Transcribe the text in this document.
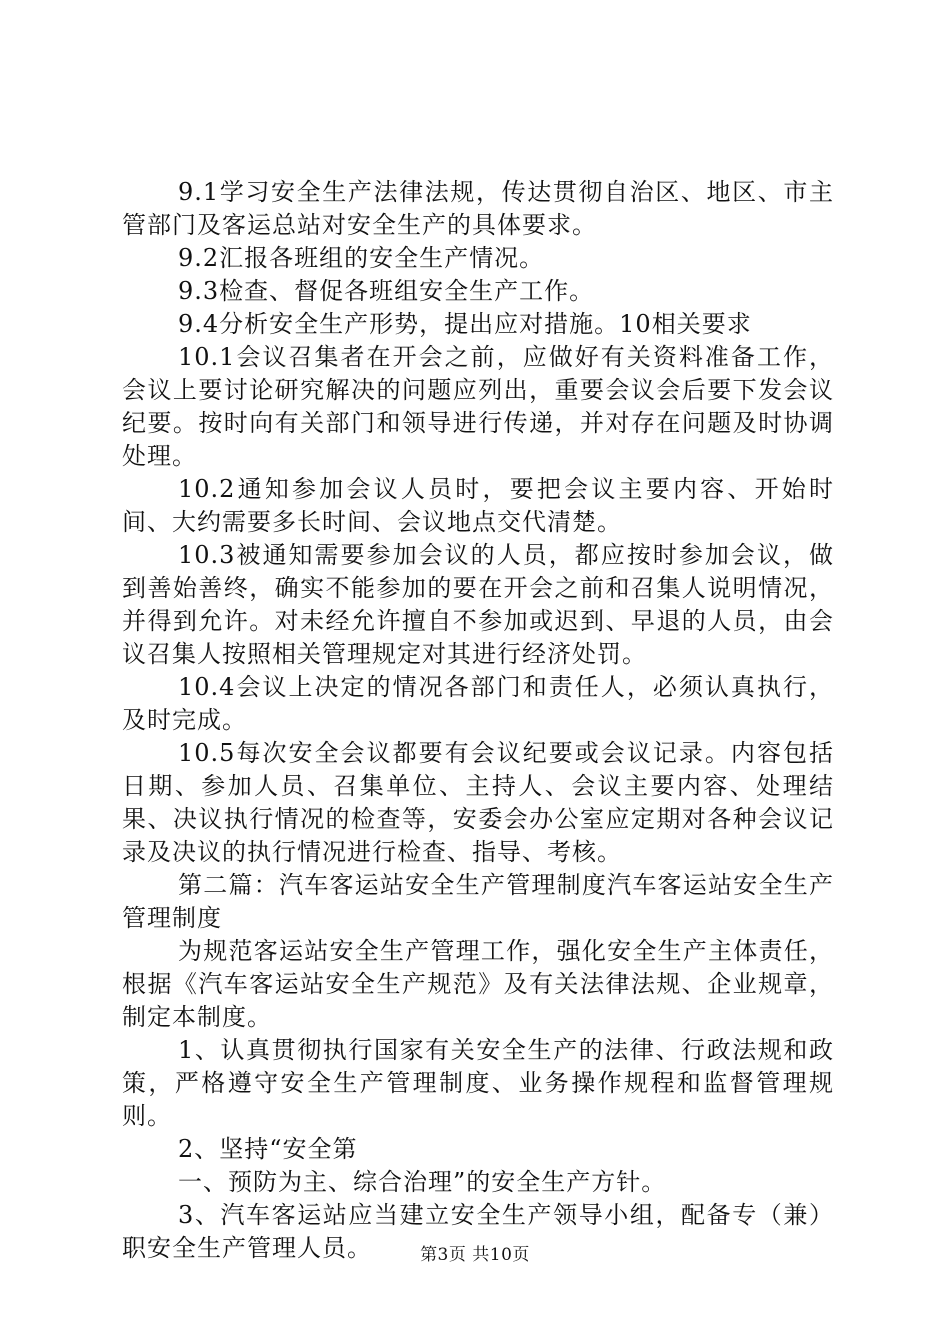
9.1学习安全生产法律法规，传达贯彻自治区、地区、市主管部门及客运总站对安全生产的具体要求。

9.2汇报各班组的安全生产情况。

9.3检查、督促各班组安全生产工作。

9.4分析安全生产形势，提出应对措施。10相关要求

10.1会议召集者在开会之前，应做好有关资料准备工作，会议上要讨论研究解决的问题应列出，重要会议会后要下发会议纪要。按时向有关部门和领导进行传递，并对存在问题及时协调处理。

10.2通知参加会议人员时，要把会议主要内容、开始时间、大约需要多长时间、会议地点交代清楚。

10.3被通知需要参加会议的人员，都应按时参加会议，做到善始善终，确实不能参加的要在开会之前和召集人说明情况，并得到允许。对未经允许擅自不参加或迟到、早退的人员，由会议召集人按照相关管理规定对其进行经济处罚。

10.4会议上决定的情况各部门和责任人，必须认真执行，及时完成。

10.5每次安全会议都要有会议纪要或会议记录。内容包括日期、参加人员、召集单位、主持人、会议主要内容、处理结果、决议执行情况的检查等，安委会办公室应定期对各种会议记录及决议的执行情况进行检查、指导、考核。

第二篇：汽车客运站安全生产管理制度汽车客运站安全生产管理制度

为规范客运站安全生产管理工作，强化安全生产主体责任，根据《汽车客运站安全生产规范》及有关法律法规、企业规章，制定本制度。

1、认真贯彻执行国家有关安全生产的法律、行政法规和政策，严格遵守安全生产管理制度、业务操作规程和监督管理规则。

2、坚持“安全第

一、预防为主、综合治理”的安全生产方针。

3、汽车客运站应当建立安全生产领导小组，配备专（兼）职安全生产管理人员。	第3页 共10页
